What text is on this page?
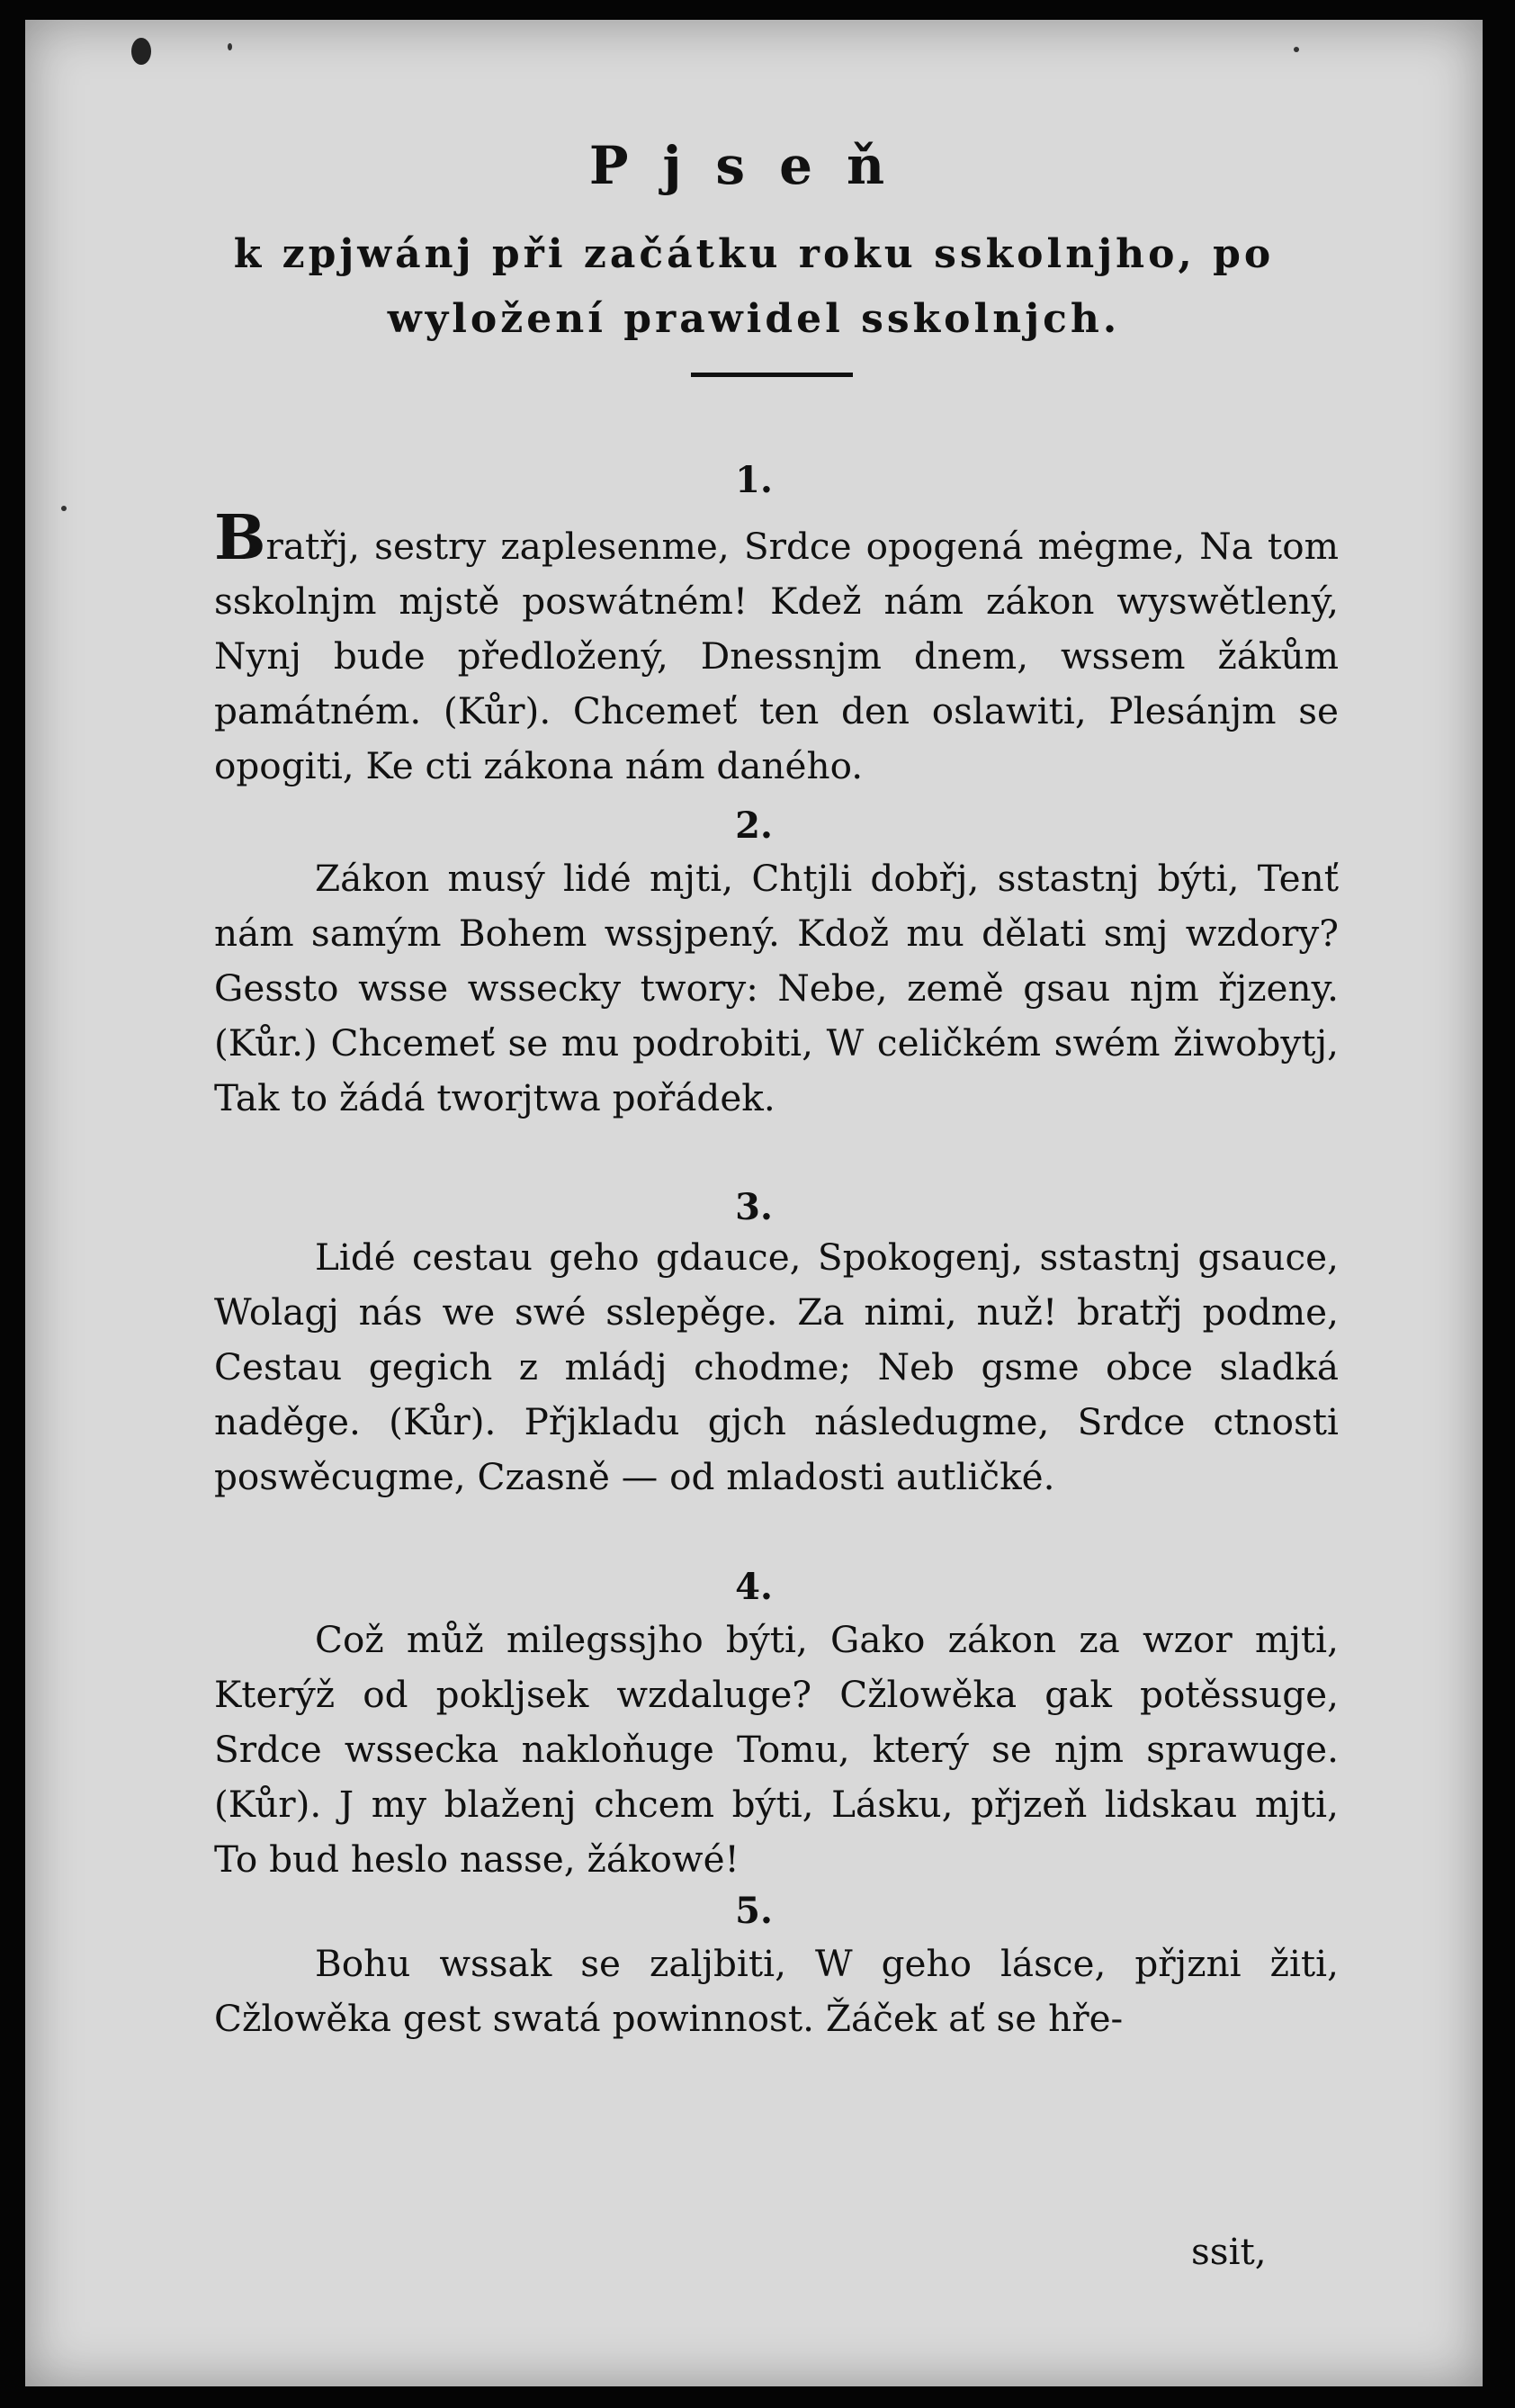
Pjseň
k zpjwánj při začátku roku sskolnjho, po wyložení prawidel sskolnjch.
1.
Bratřj, sestry zaplesenme, Srdce opogená mėgme, Na tom sskolnjm mjstě poswátném! Kdež nám zákon wyswětlený, Nynj bude předložený, Dnessnjm dnem, wssem žákům památném. (Kůr). Chcemeť ten den oslawiti, Plesánjm se opogiti, Ke cti zákona nám daného.
2.
Zákon musý lidé mjti, Chtjli dobřj, sstastnj býti, Tenť nám samým Bohem wssjpený. Kdož mu dělati smj wzdory? Gessto wsse wssecky twory: Nebe, země gsau njm řjzeny. (Kůr.) Chcemeť se mu podrobiti, W celičkém swém žiwobytj, Tak to žádá tworjtwa pořádek.
3.
Lidé cestau geho gdauce, Spokogenj, sstastnj gsauce, Wolagj nás we swé sslepěge. Za nimi, nuž! bratřj podme, Cestau gegich z mládj chodme; Neb gsme obce sladká naděge. (Kůr). Přjkladu gjch následugme, Srdce ctnosti poswěcugme, Czasně — od mladosti autličké.
4.
Což můž milegssjho býti, Gako zákon za wzor mjti, Kterýž od pokljsek wzdaluge? Cžlowěka gak potěssuge, Srdce wssecka nakloňuge Tomu, který se njm sprawuge. (Kůr). J my blaženj chcem býti, Lásku, přjzeň lidskau mjti, To bud heslo nasse, žákowé!
5.
Bohu wssak se zaljbiti, W geho lásce, přjzni žiti, Cžlowěka gest swatá powinnost. Žáček ať se hře-
ssit,
